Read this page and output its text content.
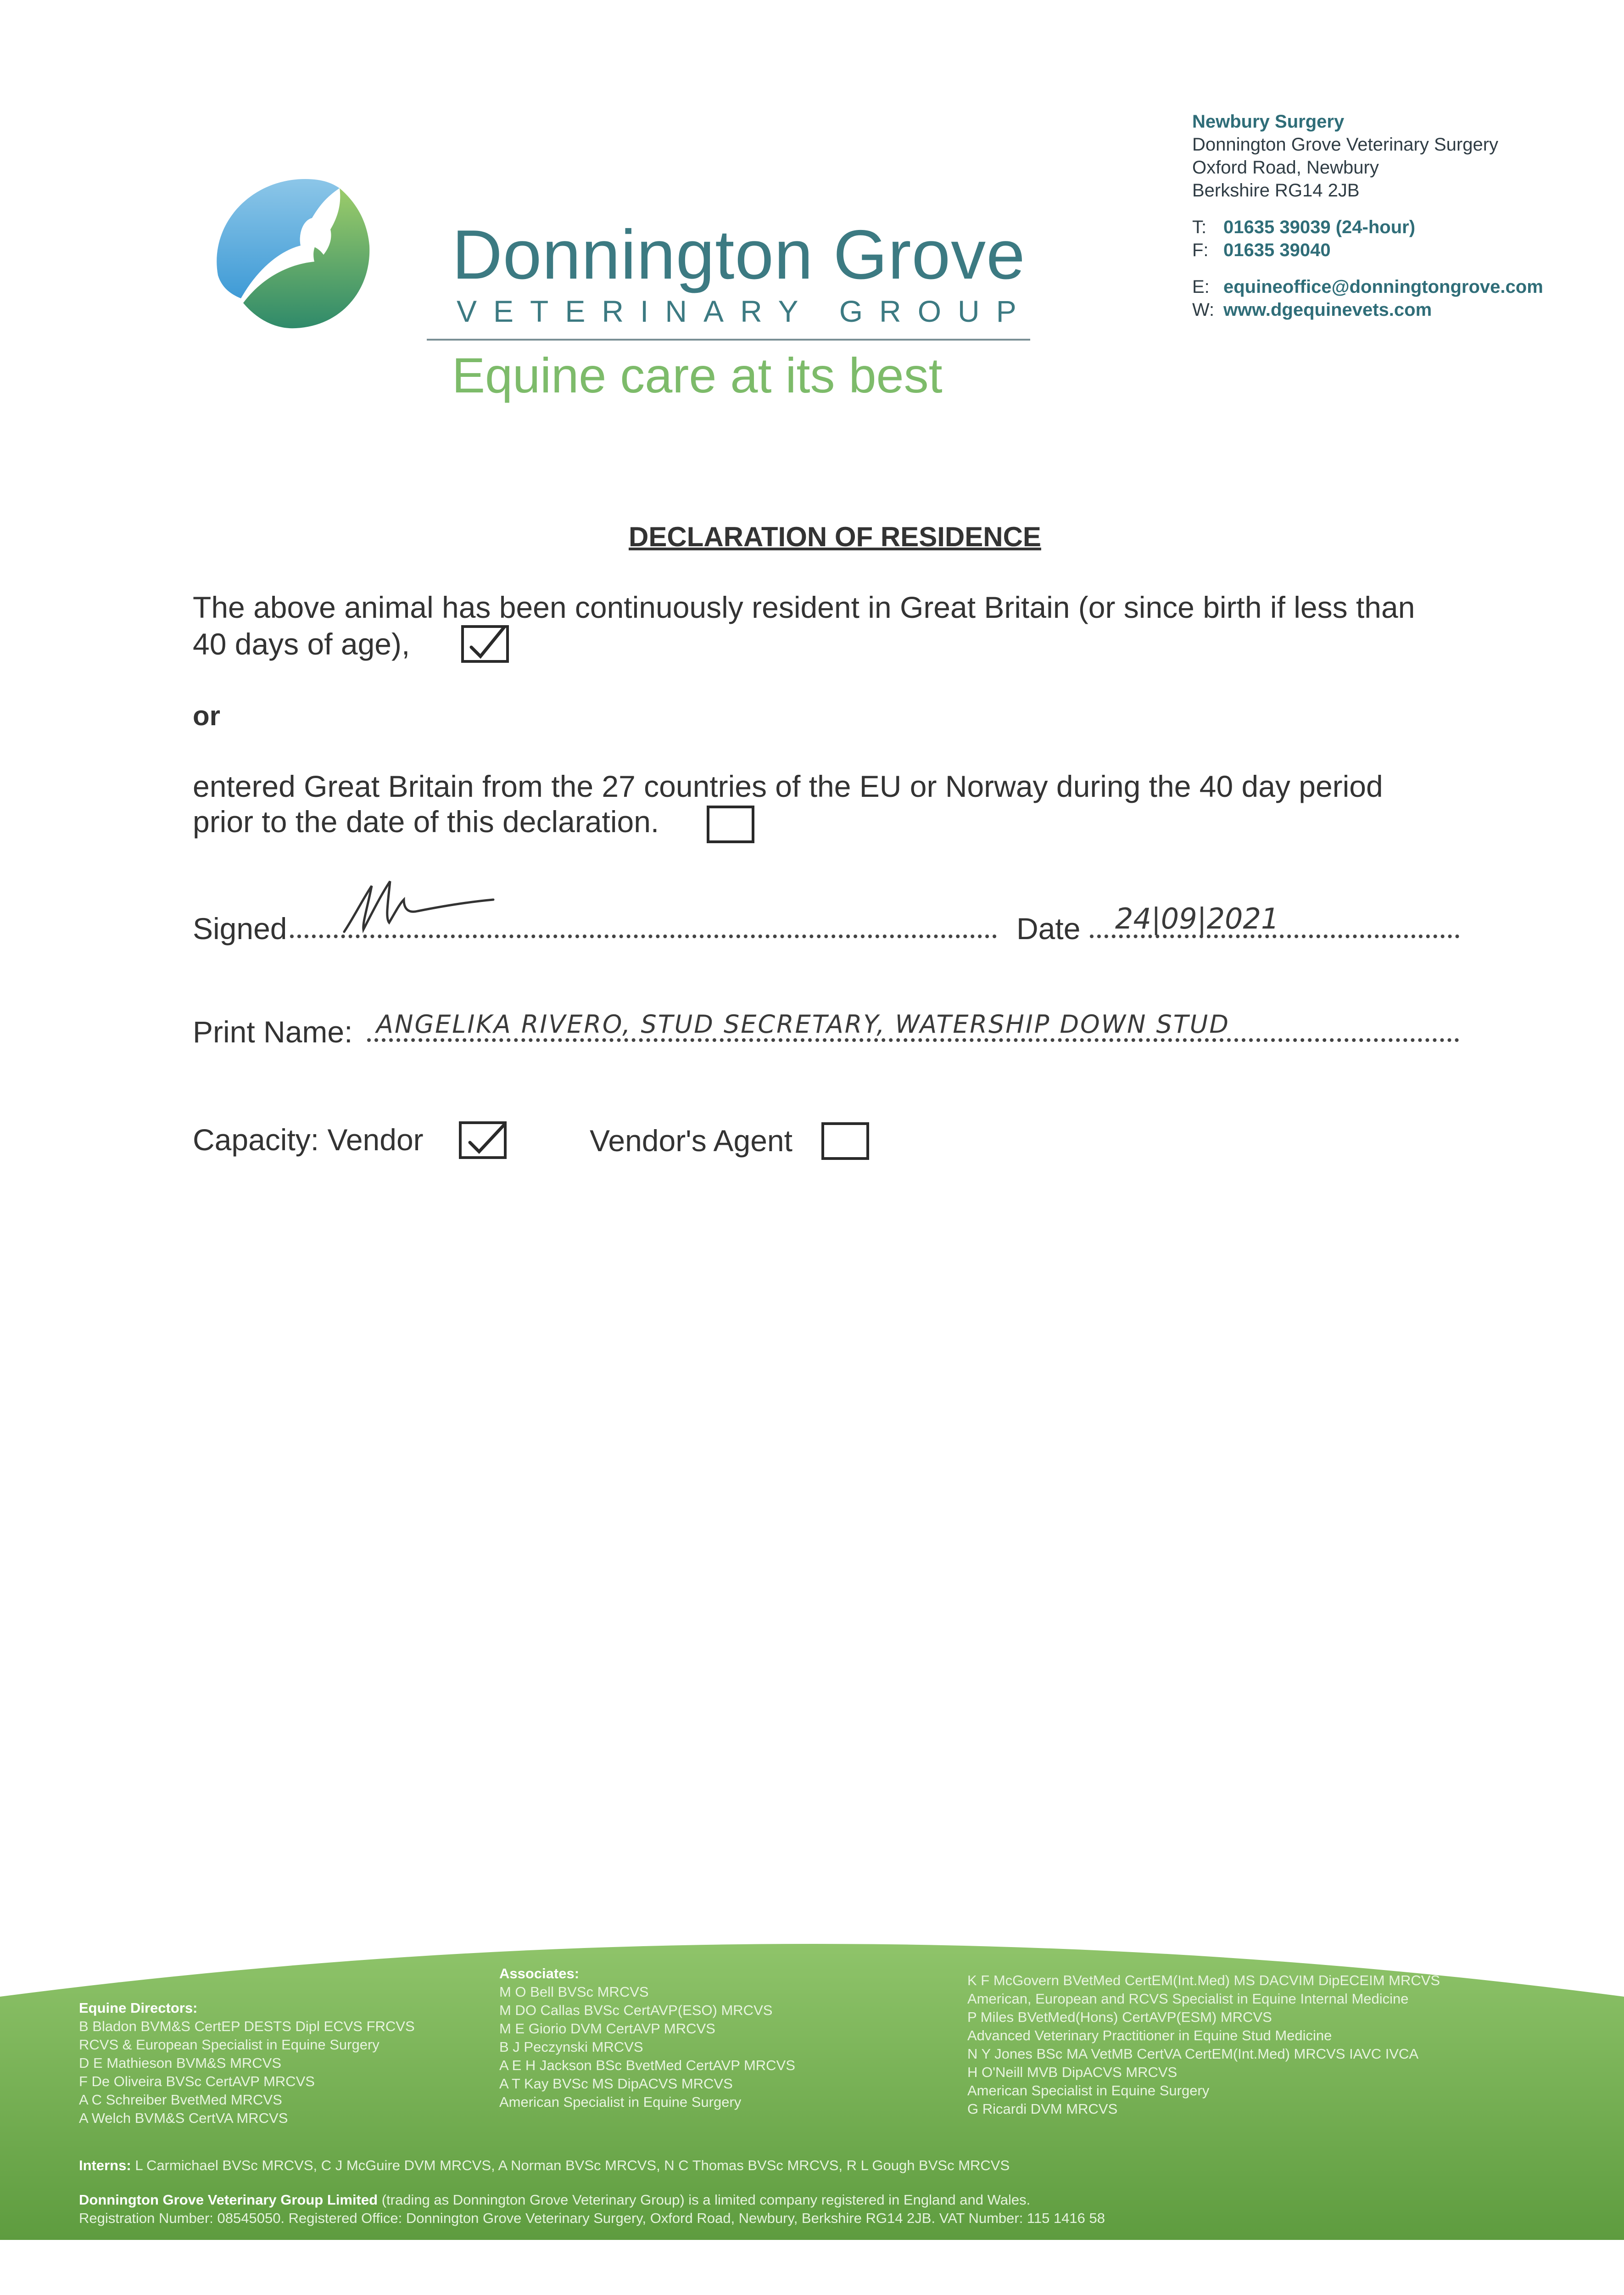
Donnington Grove
VETERINARY GROUP
Equine care at its best
Newbury Surgery
Donnington Grove Veterinary Surgery
Oxford Road, Newbury
Berkshire RG14 2JB
T: 01635 39039 (24-hour)
F: 01635 39040
E: equineoffice@donningtongrove.com
W: www.dgequinevets.com
DECLARATION OF RESIDENCE
The above animal has been continuously resident in Great Britain (or since birth if less than
40 days of age),
or
entered Great Britain from the 27 countries of the EU or Norway during the 40 day period
prior to the date of this declaration.
Signed	Date 24|09|2021
Print Name: ANGELIKA RIVERO, STUD SECRETARY, WATERSHIP DOWN STUD
Capacity: Vendor	Vendor's Agent
Equine Directors:
B Bladon BVM&S CertEP DESTS Dipl ECVS FRCVS
RCVS & European Specialist in Equine Surgery
D E Mathieson BVM&S MRCVS
F De Oliveira BVSc CertAVP MRCVS
A C Schreiber BvetMed MRCVS
A Welch BVM&S CertVA MRCVS
Associates:
M O Bell BVSc MRCVS
M DO Callas BVSc CertAVP(ESO) MRCVS
M E Giorio DVM CertAVP MRCVS
B J Peczynski MRCVS
A E H Jackson BSc BvetMed CertAVP MRCVS
A T Kay BVSc MS DipACVS MRCVS
American Specialist in Equine Surgery
K F McGovern BVetMed CertEM(Int.Med) MS DACVIM DipECEIM MRCVS
American, European and RCVS Specialist in Equine Internal Medicine
P Miles BVetMed(Hons) CertAVP(ESM) MRCVS
Advanced Veterinary Practitioner in Equine Stud Medicine
N Y Jones BSc MA VetMB CertVA CertEM(Int.Med) MRCVS IAVC IVCA
H O'Neill MVB DipACVS MRCVS
American Specialist in Equine Surgery
G Ricardi DVM MRCVS
Interns: L Carmichael BVSc MRCVS, C J McGuire DVM MRCVS, A Norman BVSc MRCVS, N C Thomas BVSc MRCVS, R L Gough BVSc MRCVS
Donnington Grove Veterinary Group Limited (trading as Donnington Grove Veterinary Group) is a limited company registered in England and Wales.
Registration Number: 08545050. Registered Office: Donnington Grove Veterinary Surgery, Oxford Road, Newbury, Berkshire RG14 2JB. VAT Number: 115 1416 58
